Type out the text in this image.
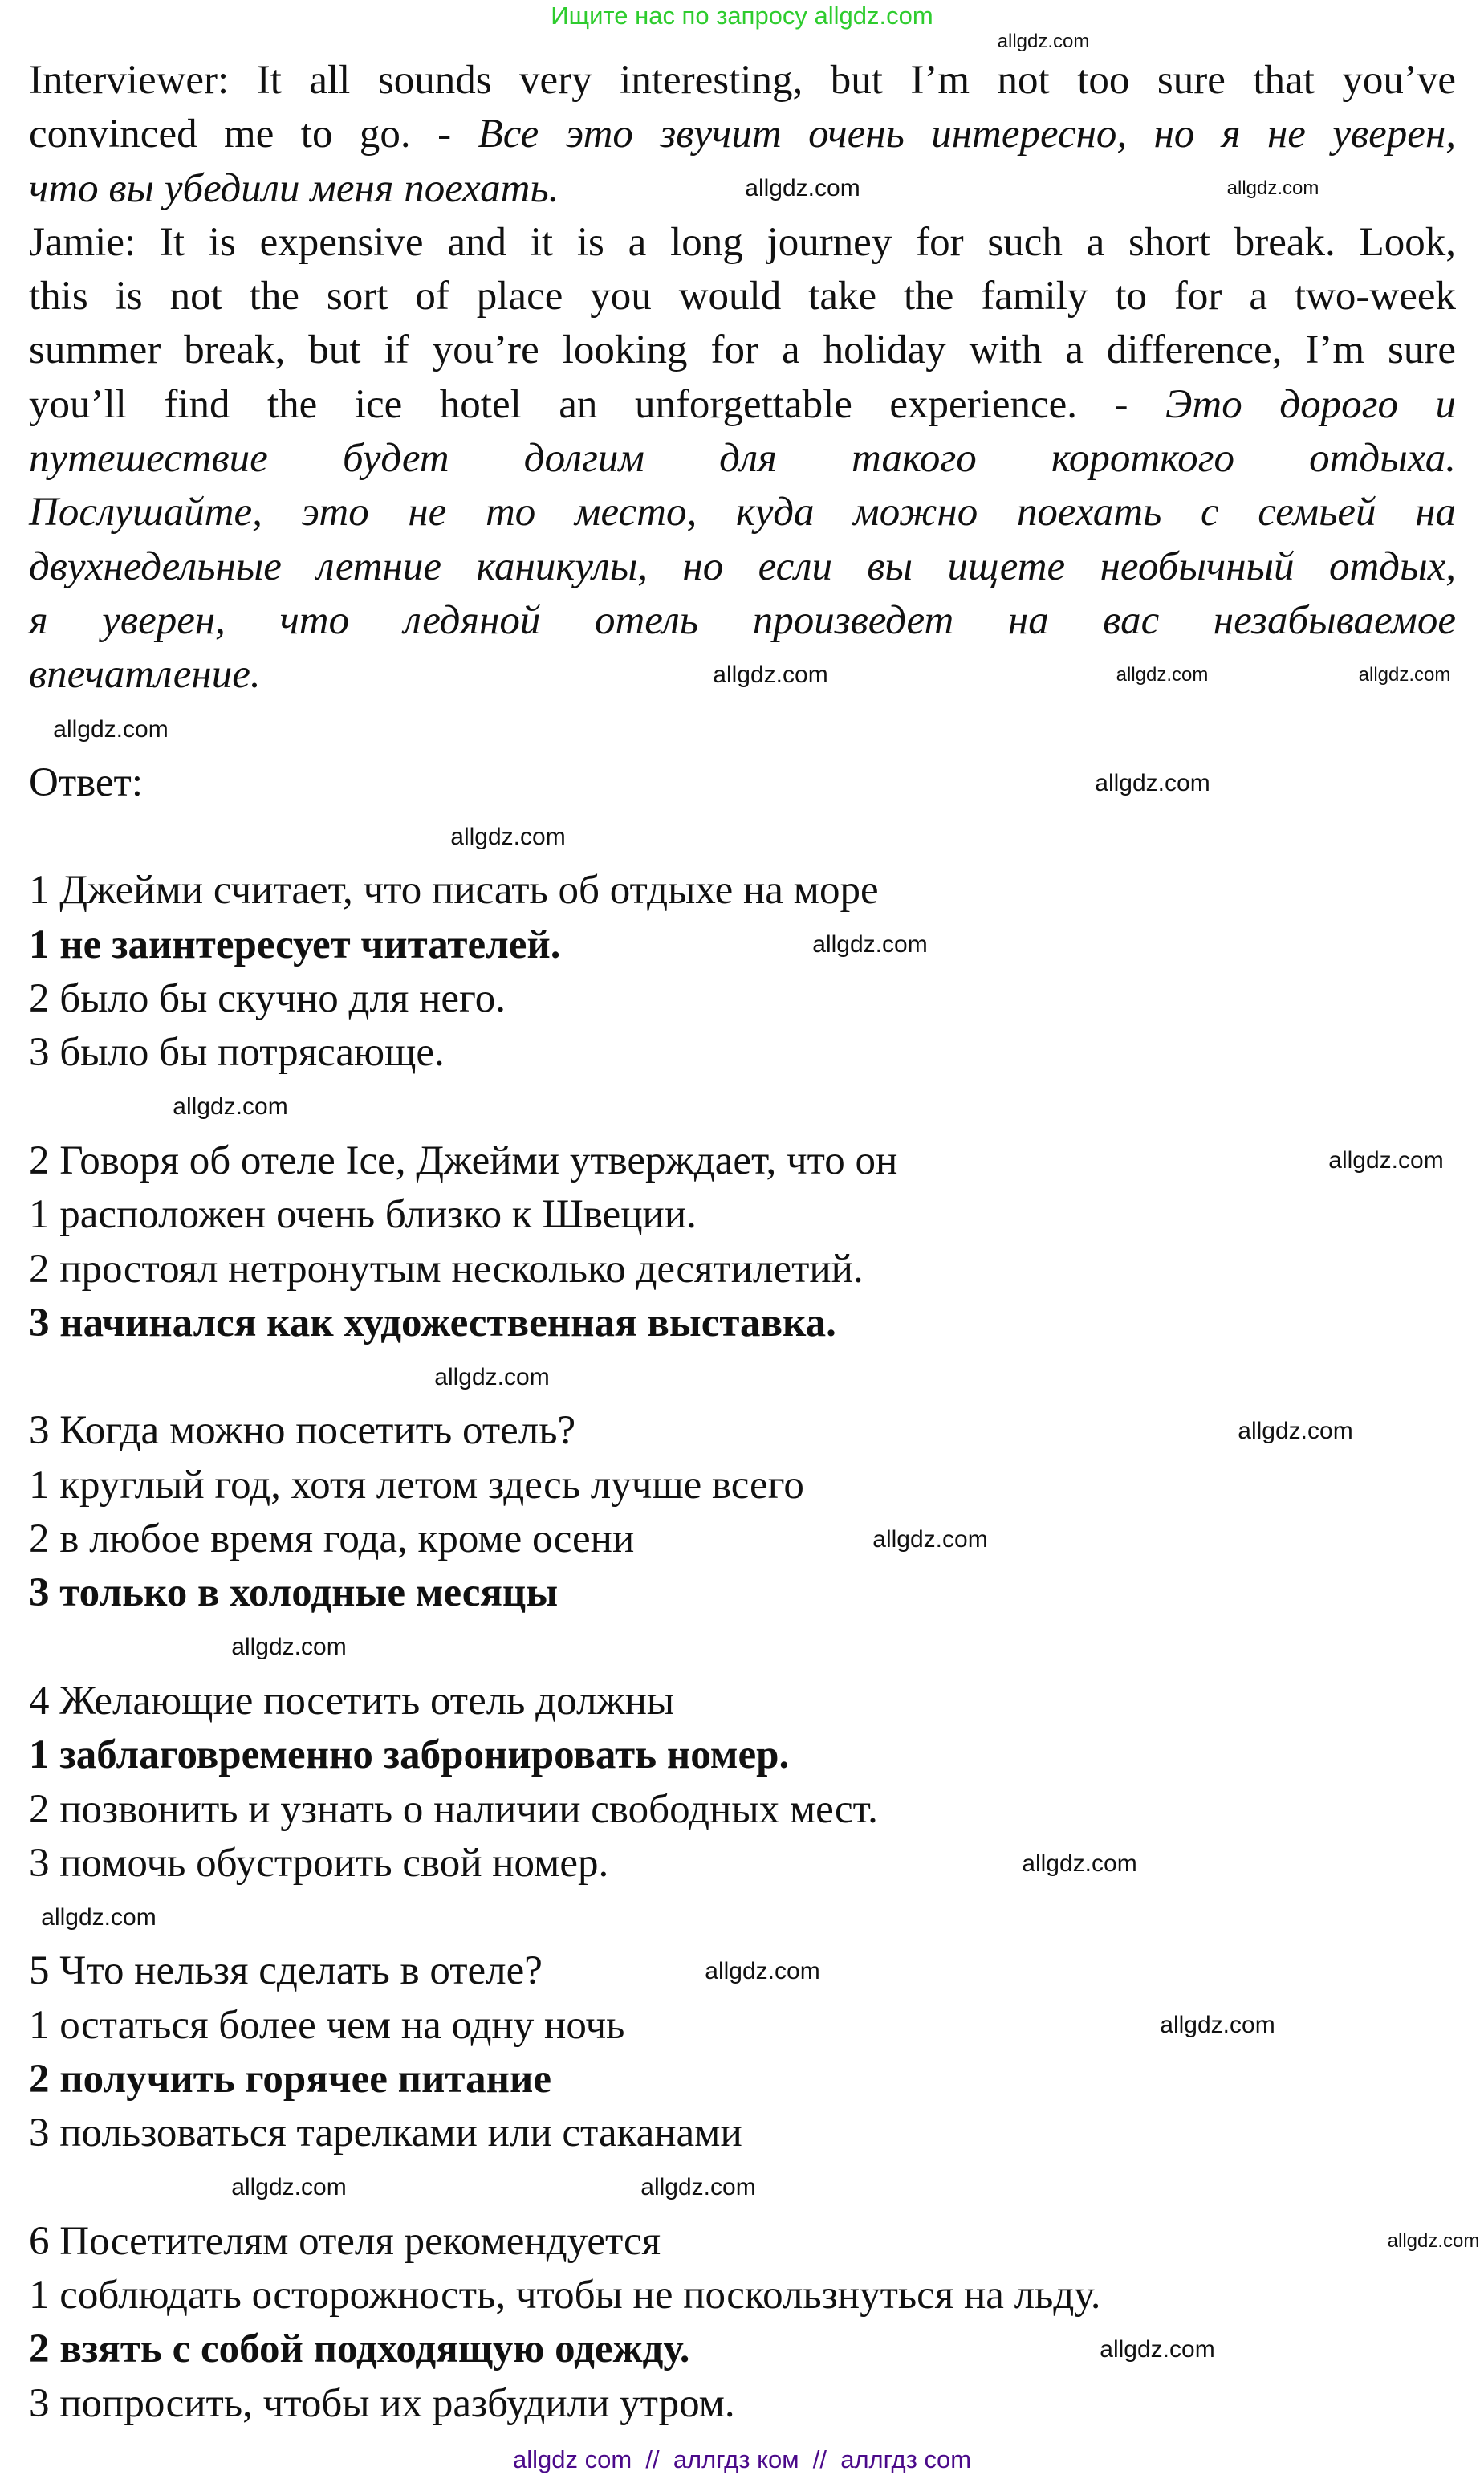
Ищите нас по запросу allgdz.com
Interviewer: It all sounds very interesting, but I’m not too sure that you’ve
convinced me to go. - Все это звучит очень интересно, но я не уверен,
что вы убедили меня поехать.
Jamie: It is expensive and it is a long journey for such a short break. Look,
this is not the sort of place you would take the family to for a two-week
summer break, but if you’re looking for a holiday with a difference, I’m sure
you’ll find the ice hotel an unforgettable experience. - Это дорого и
путешествие будет долгим для такого короткого отдыха.
Послушайте, это не то место, куда можно поехать с семьей на
двухнедельные летние каникулы, но если вы ищете необычный отдых,
я уверен, что ледяной отель произведет на вас незабываемое
впечатление.
Ответ:
1 Джейми считает, что писать об отдыхе на море
1 не заинтересует читателей.
2 было бы скучно для него.
3 было бы потрясающе.
2 Говоря об отеле Ice, Джейми утверждает, что он
1 расположен очень близко к Швеции.
2 простоял нетронутым несколько десятилетий.
3 начинался как художественная выставка.
3 Когда можно посетить отель?
1 круглый год, хотя летом здесь лучше всего
2 в любое время года, кроме осени
3 только в холодные месяцы
4 Желающие посетить отель должны
1 заблаговременно забронировать номер.
2 позвонить и узнать о наличии свободных мест.
3 помочь обустроить свой номер.
5 Что нельзя сделать в отеле?
1 остаться более чем на одну ночь
2 получить горячее питание
3 пользоваться тарелками или стаканами
6 Посетителям отеля рекомендуется
1 соблюдать осторожность, чтобы не поскользнуться на льду.
2 взять с собой подходящую одежду.
3 попросить, чтобы их разбудили утром.
allgdz.com
allgdz.com
allgdz.com
allgdz.com
allgdz.com
allgdz.com
allgdz.com
allgdz.com
allgdz.com
allgdz.com
allgdz.com
allgdz.com
allgdz.com
allgdz.com
allgdz.com
allgdz.com
allgdz.com
allgdz.com
allgdz.com
allgdz.com
allgdz.com
allgdz.com
allgdz.com
allgdz.com
allgdz com  //  аллгдз ком  //  аллгдз com
